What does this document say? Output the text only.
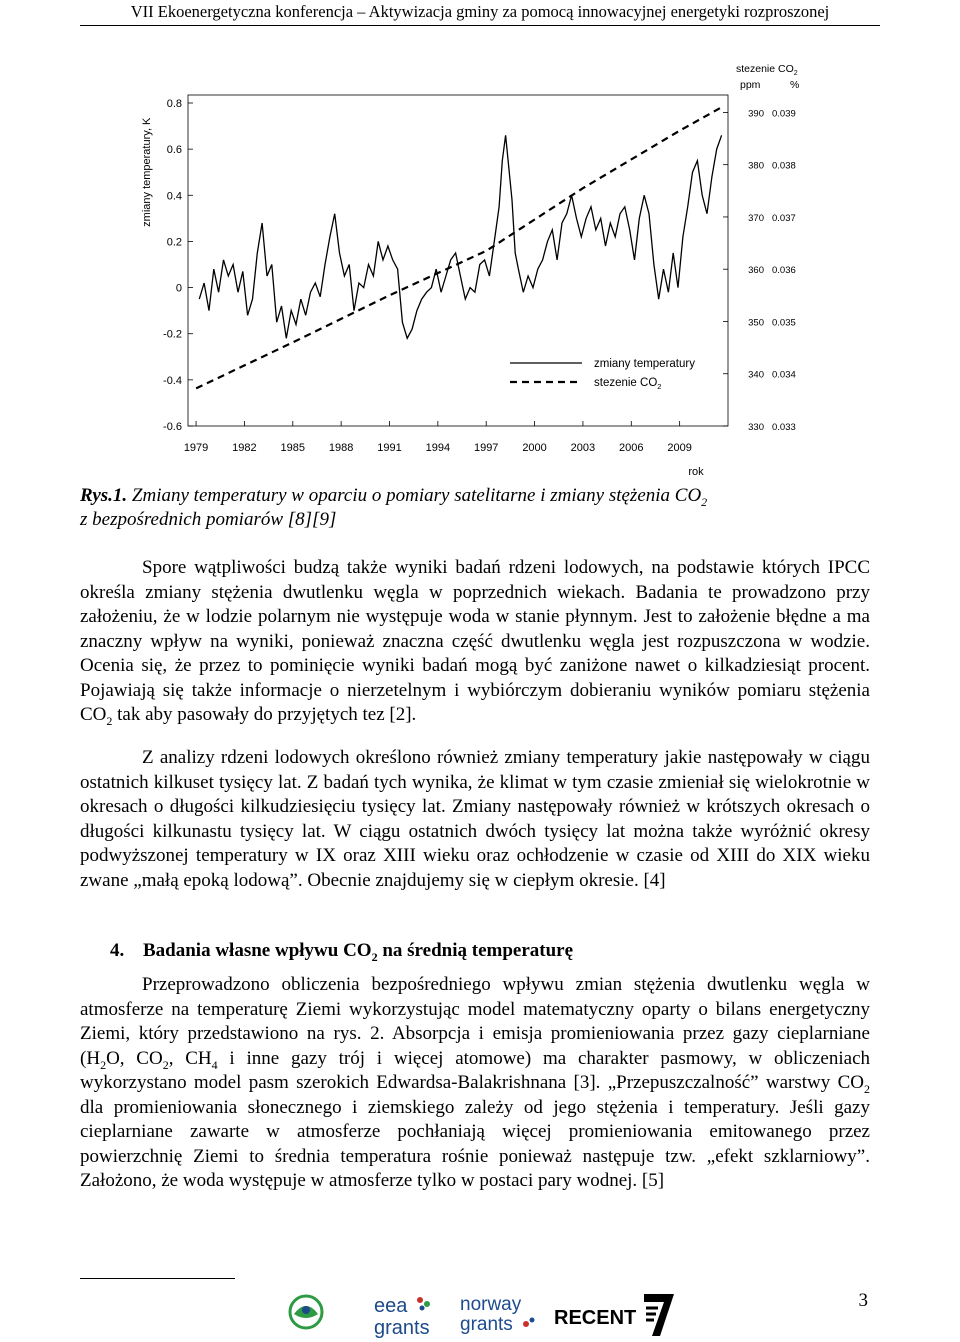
VII Ekoenergetyczna konferencja – Aktywizacja gminy za pomocą innowacyjnej energetyki rozproszonej
0.8
0.6
0.4
0.2
0
-0.2
-0.4
-0.6
390 0.039
380 0.038
370 0.037
360 0.036
350 0.035
340 0.034
330 0.033
1979 1982 1985 1988 1991 1994 1997 2000 2003 2006 2009
zmiany temperatury, K
rok
stezenie $CO_2$
ppm	%
zmiany temperatury
stezenie $CO_2$
Rys.1. Zmiany temperatury w oparciu o pomiary satelitarne i zmiany stężenia $CO_2$
z bezpośrednich pomiarów [8][9]

Spore wątpliwości budzą także wyniki badań rdzeni lodowych, na podstawie których IPCC określa zmiany stężenia dwutlenku węgla w poprzednich wiekach. Badania te prowadzono przy założeniu, że w lodzie polarnym nie występuje woda w stanie płynnym. Jest to założenie błędne a ma znaczny wpływ na wyniki, ponieważ znaczna część dwutlenku węgla jest rozpuszczona w wodzie. Ocenia się, że przez to pominięcie wyniki badań mogą być zaniżone nawet o kilkadziesiąt procent. Pojawiają się także informacje o nierzetelnym i wybiórczym dobieraniu wyników pomiaru stężenia $CO_2$ tak aby pasowały do przyjętych tez [2].

Z analizy rdzeni lodowych określono również zmiany temperatury jakie następowały w ciągu ostatnich kilkuset tysięcy lat. Z badań tych wynika, że klimat w tym czasie zmieniał się wielokrotnie w okresach o długości kilkudziesięciu tysięcy lat. Zmiany następowały również w krótszych okresach o długości kilkunastu tysięcy lat. W ciągu ostatnich dwóch tysięcy lat można także wyróżnić okresy podwyższonej temperatury w IX oraz XIII wieku oraz ochłodzenie w czasie od XIII do XIX wieku zwane „małą epoką lodową”. Obecnie znajdujemy się w ciepłym okresie. [4]

4. Badania własne wpływu $CO_2$ na średnią temperaturę

Przeprowadzono obliczenia bezpośredniego wpływu zmian stężenia dwutlenku węgla w atmosferze na temperaturę Ziemi wykorzystując model matematyczny oparty o bilans energetyczny Ziemi, który przedstawiono na rys. 2. Absorpcja i emisja promieniowania przez gazy cieplarniane ($H_2O$, $CO_2$, $CH_4$ i inne gazy trój i więcej atomowe) ma charakter pasmowy, w obliczeniach wykorzystano model pasm szerokich Edwardsa-Balakrishnana [3]. „Przepuszczalność” warstwy $CO_2$ dla promieniowania słonecznego i ziemskiego zależy od jego stężenia i temperatury. Jeśli gazy cieplarniane zawarte w atmosferze pochłaniają więcej promieniowania emitowanego przez powierzchnię Ziemi to średnia temperatura rośnie ponieważ następuje tzw. „efekt szklarniowy”. Założono, że woda występuje w atmosferze tylko w postaci pary wodnej. [5]

3
eea
grants
norway
grants RECENT
